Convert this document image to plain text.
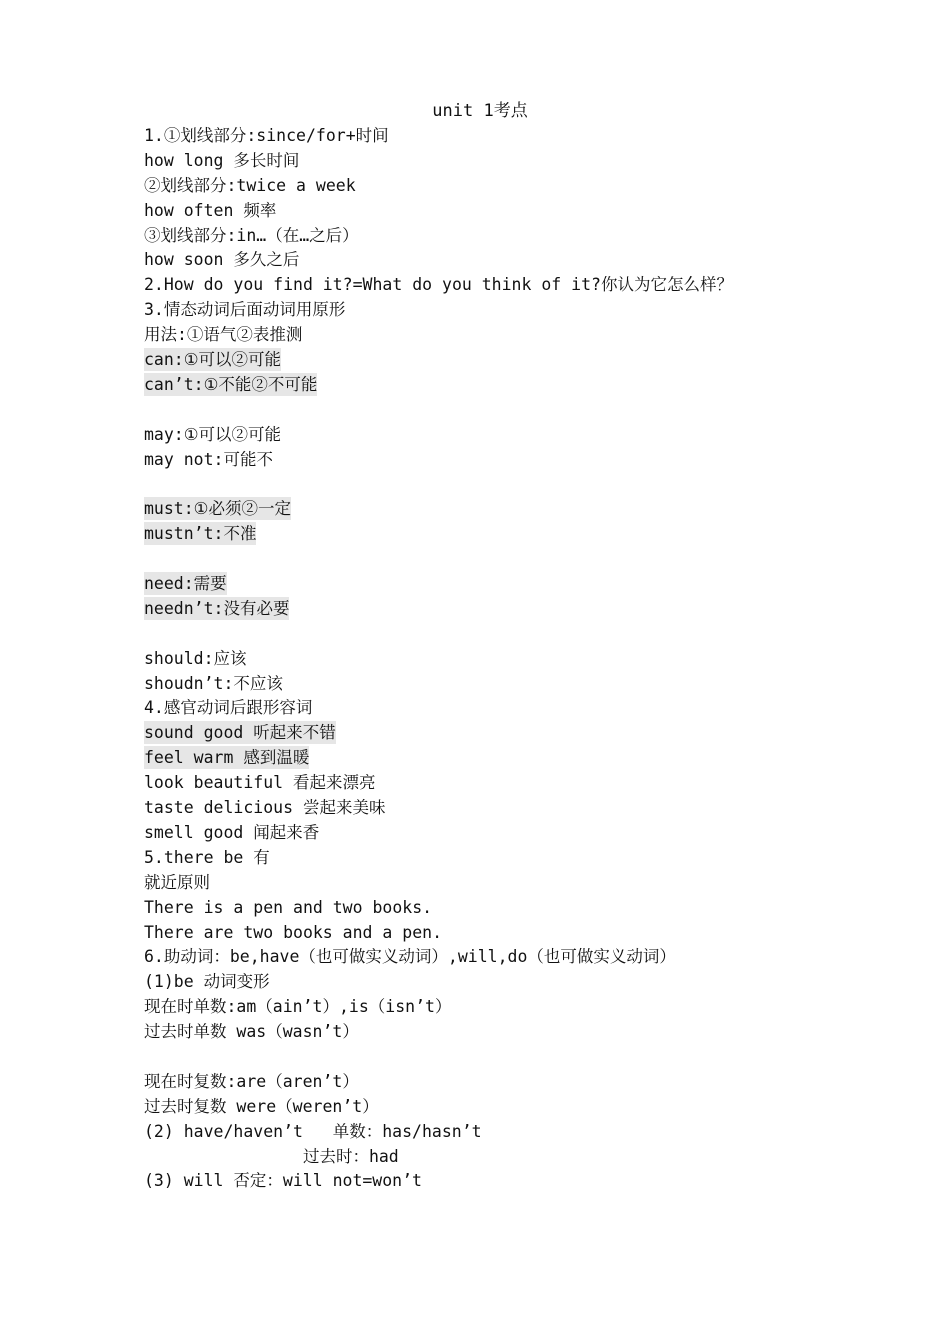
unit 1考点
1.①划线部分:since/for+时间
how long 多长时间
②划线部分:twice a week
how often 频率
③划线部分:in…（在…之后）
how soon 多久之后
2.How do you find it?=What do you think of it?你认为它怎么样？
3.情态动词后面动词用原形
用法:①语气②表推测
can:①可以②可能
can’t:①不能②不可能
may:①可以②可能
may not:可能不
must:①必须②一定
mustn’t:不准
need:需要
needn’t:没有必要
should:应该
shoudn’t:不应该
4.感官动词后跟形容词
sound good 听起来不错
feel warm 感到温暖
look beautiful 看起来漂亮
taste delicious 尝起来美味
smell good 闻起来香
5.there be 有
就近原则
There is a pen and two books.
There are two books and a pen.
6.助动词：be,have（也可做实义动词）,will,do（也可做实义动词）
(1)be 动词变形
现在时单数:am（ain’t）,is（isn’t）
过去时单数 was（wasn’t）
现在时复数:are（aren’t）
过去时复数 were（weren’t）
(2) have/haven’t   单数：has/hasn’t
过去时：had
(3) will 否定：will not=won’t
